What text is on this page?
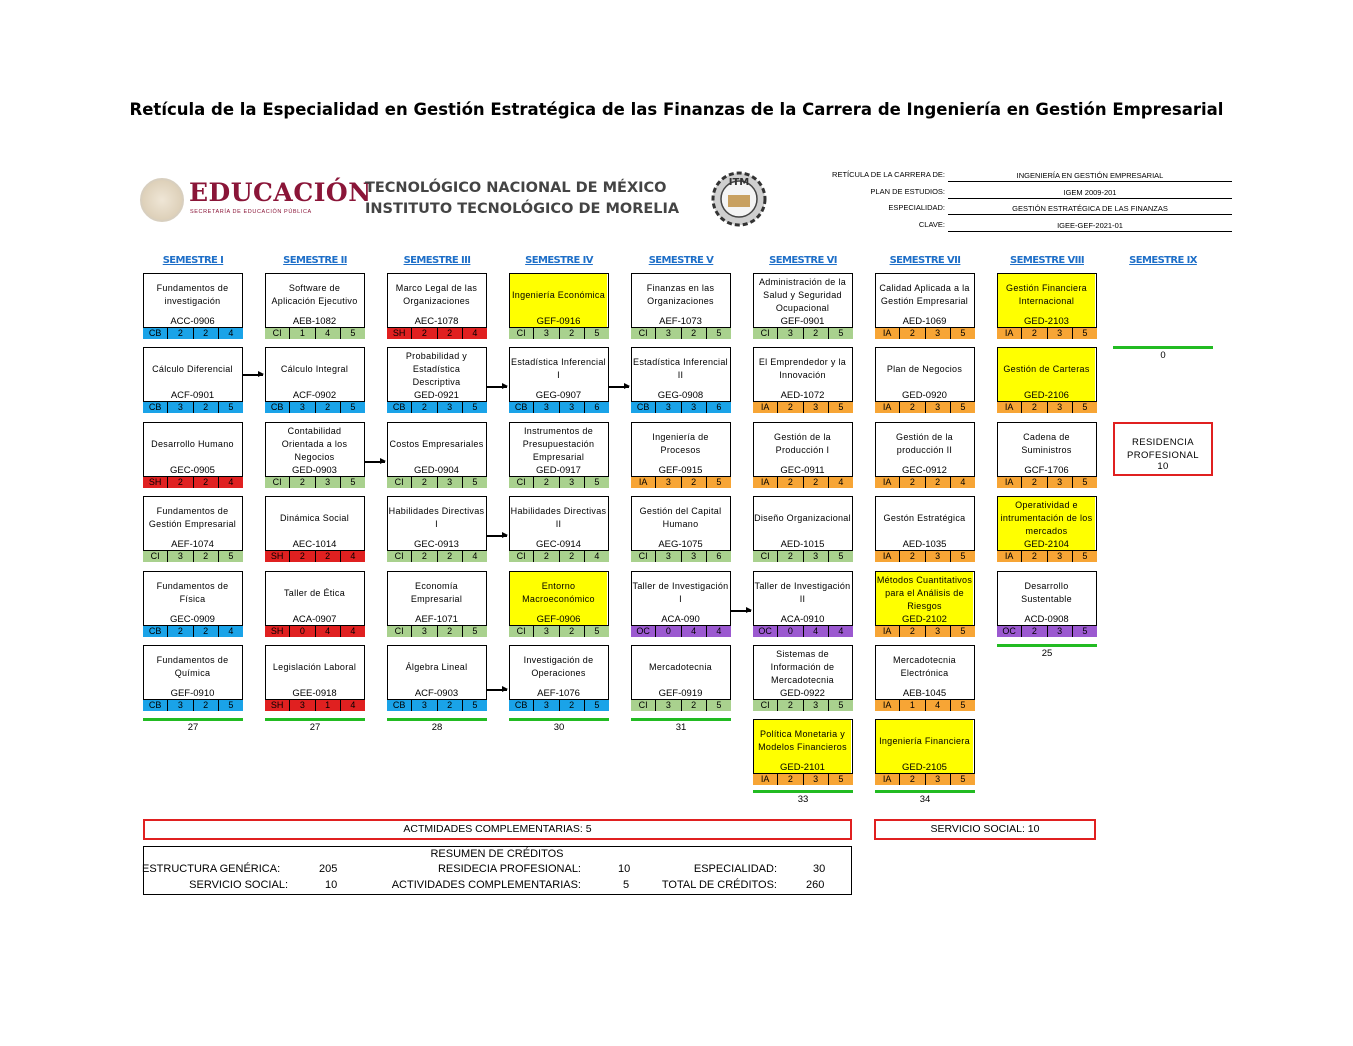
Retícula de la Especialidad en Gestión Estratégica de las Finanzas de la Carrera de Ingeniería en Gestión Empresarial
EDUCACIÓN
SECRETARÍA DE EDUCACIÓN PÚBLICA
TECNOLÓGICO NACIONAL DE MÉXICO
INSTITUTO TECNOLÓGICO DE MORELIA
ITM
RETÍCULA DE LA CARRERA DE:	INGENIERÍA EN GESTIÓN EMPRESARIAL
PLAN DE ESTUDIOS:	IGEM 2009-201
ESPECIALIDAD:	GESTIÓN ESTRATÉGICA DE LAS FINANZAS
CLAVE:	IGEE-GEF-2021-01
SEMESTRE I	SEMESTRE II	SEMESTRE III	SEMESTRE IV	SEMESTRE V	SEMESTRE VI	SEMESTRE VII	SEMESTRE VIII	SEMESTRE IX
Fundamentos de investigación
ACC-0906
CB	2	2	4
Cálculo Diferencial
ACF-0901
CB	3	2	5
Desarrollo Humano
GEC-0905
SH	2	2	4
Fundamentos de Gestión Empresarial
AEF-1074
CI	3	2	5
Fundamentos de Física
GEC-0909
CB	2	2	4
Fundamentos de Química
GEF-0910
CB	3	2	5
Software de Aplicación Ejecutivo
AEB-1082
CI	1	4	5
Cálculo Integral
ACF-0902
CB	3	2	5
Contabilidad Orientada a los Negocios
GED-0903
CI	2	3	5
Dinámica Social
AEC-1014
SH	2	2	4
Taller de Ética
ACA-0907
SH	0	4	4
Legislación Laboral
GEE-0918
SH	3	1	4
Marco Legal de las Organizaciones
AEC-1078
SH	2	2	4
Probabilidad y Estadística Descriptiva
GED-0921
CB	2	3	5
Costos Empresariales
GED-0904
CI	2	3	5
Habilidades Directivas I
GEC-0913
CI	2	2	4
Economía Empresarial
AEF-1071
CI	3	2	5
Álgebra Lineal
ACF-0903
CB	3	2	5
Ingeniería Económica
GEF-0916
CI	3	2	5
Estadística Inferencial I
GEG-0907
CB	3	3	6
Instrumentos de Presupuestación Empresarial
GED-0917
CI	2	3	5
Habilidades Directivas II
GEC-0914
CI	2	2	4
Entorno Macroeconómico
GEF-0906
CI	3	2	5
Investigación de Operaciones
AEF-1076
CB	3	2	5
Finanzas en las Organizaciones
AEF-1073
CI	3	2	5
Estadística Inferencial II
GEG-0908
CB	3	3	6
Ingeniería de Procesos
GEF-0915
IA	3	2	5
Gestión del Capital Humano
AEG-1075
CI	3	3	6
Taller de Investigación I
ACA-090
OC	0	4	4
Mercadotecnia
GEF-0919
CI	3	2	5
Administración de la Salud y Seguridad Ocupacional
GEF-0901
CI	3	2	5
El Emprendedor y la Innovación
AED-1072
IA	2	3	5
Gestión de la Producción I
GEC-0911
IA	2	2	4
Diseño Organizacional
AED-1015
CI	2	3	5
Taller de Investigación II
ACA-0910
OC	0	4	4
Sistemas de Información de Mercadotecnia
GED-0922
CI	2	3	5
Política Monetaria y Modelos Financieros
GED-2101
IA	2	3	5
Calidad Aplicada a la Gestión Empresarial
AED-1069
IA	2	3	5
Plan de Negocios
GED-0920
IA	2	3	5
Gestión de la producción II
GEC-0912
IA	2	2	4
Gestón Estratégica
AED-1035
IA	2	3	5
Métodos Cuantitativos para el Análisis de Riesgos
GED-2102
IA	2	3	5
Mercadotecnia Electrónica
AEB-1045
IA	1	4	5
Ingeniería Financiera
GED-2105
IA	2	3	5
Gestión Financiera Internacional
GED-2103
IA	2	3	5
Gestión de Carteras
GED-2106
IA	2	3	5
Cadena de Suministros
GCF-1706
IA	2	3	5
Operatividad e intrumentación de los mercados
GED-2104
IA	2	3	5
Desarrollo Sustentable
ACD-0908
OC	2	3	5
27	27	28	30	31
33	34
25
0
RESIDENCIA
PROFESIONAL
10
ACTMIDADES COMPLEMENTARIAS: 5	SERVICIO SOCIAL: 10
RESUMEN DE CRÉDITOS
ESTRUCTURA GENÉRICA:	205	RESIDECIA PROFESIONAL:	10	ESPECIALIDAD:	30
SERVICIO SOCIAL:	10	ACTIVIDADES COMPLEMENTARIAS:	5	TOTAL DE CRÉDITOS:	260
